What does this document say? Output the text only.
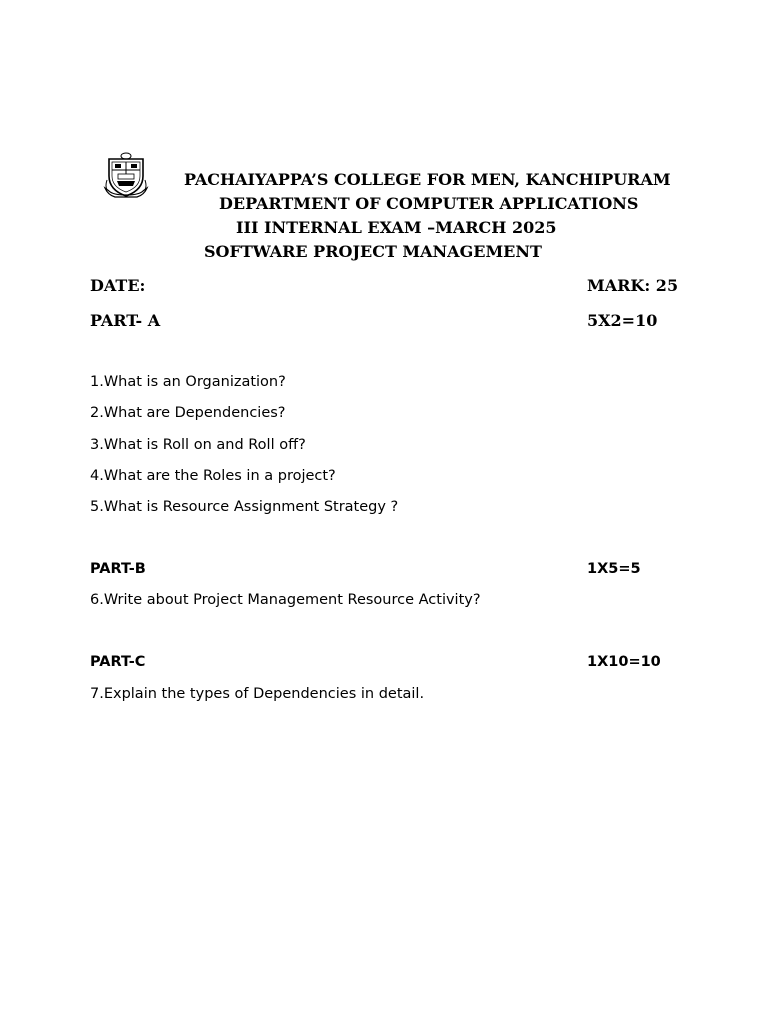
PACHAIYAPPA’S COLLEGE FOR MEN, KANCHIPURAM
DEPARTMENT OF COMPUTER APPLICATIONS
III INTERNAL EXAM –MARCH 2025
SOFTWARE PROJECT MANAGEMENT
DATE:	MARK: 25
PART- A	5X2=10
1.What is an Organization?
2.What are Dependencies?
3.What is Roll on and Roll off?
4.What are the Roles in a project?
5.What is Resource Assignment Strategy ?
PART-B	1X5=5
6.Write about Project Management Resource Activity?
PART-C	1X10=10
7.Explain the types of Dependencies in detail.
